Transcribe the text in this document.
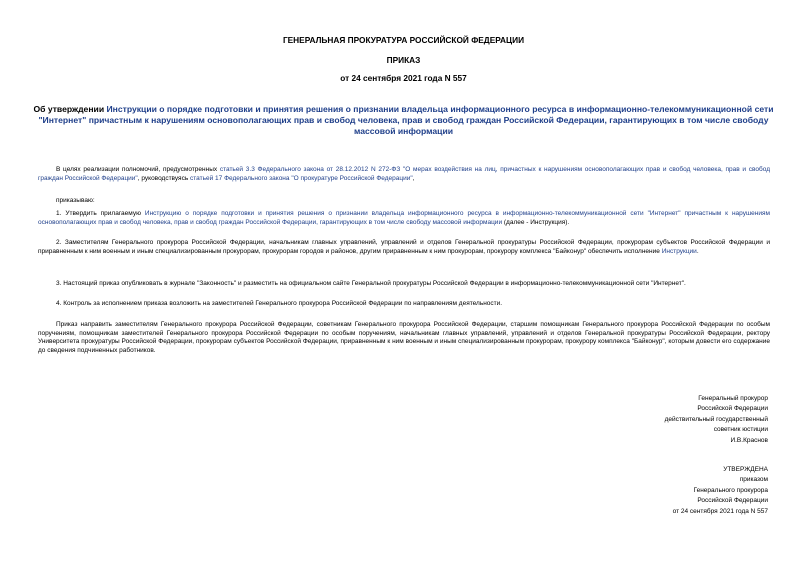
ГЕНЕРАЛЬНАЯ ПРОКУРАТУРА РОССИЙСКОЙ ФЕДЕРАЦИИ
ПРИКАЗ
от 24 сентября 2021 года N 557
Об утверждении Инструкции о порядке подготовки и принятия решения о признании владельца информационного ресурса в информационно-телекоммуникационной сети "Интернет" причастным к нарушениям основополагающих прав и свобод человека, прав и свобод граждан Российской Федерации, гарантирующих в том числе свободу массовой информации
В целях реализации полномочий, предусмотренных статьей 3.3 Федерального закона от 28.12.2012 N 272-ФЗ "О мерах воздействия на лиц, причастных к нарушениям основополагающих прав и свобод человека, прав и свобод граждан Российской Федерации", руководствуясь статьей 17 Федерального закона "О прокуратуре Российской Федерации",
приказываю:
1. Утвердить прилагаемую Инструкцию о порядке подготовки и принятия решения о признании владельца информационного ресурса в информационно-телекоммуникационной сети "Интернет" причастным к нарушениям основополагающих прав и свобод человека, прав и свобод граждан Российской Федерации, гарантирующих в том числе свободу массовой информации (далее - Инструкция).
2. Заместителям Генерального прокурора Российской Федерации, начальникам главных управлений, управлений и отделов Генеральной прокуратуры Российской Федерации, прокурорам субъектов Российской Федерации и приравненным к ним военным и иным специализированным прокурорам, прокурорам городов и районов, другим приравненным к ним прокурорам, прокурору комплекса "Байконур" обеспечить исполнение Инструкции.
3. Настоящий приказ опубликовать в журнале "Законность" и разместить на официальном сайте Генеральной прокуратуры Российской Федерации в информационно-телекоммуникационной сети "Интернет".
4. Контроль за исполнением приказа возложить на заместителей Генерального прокурора Российской Федерации по направлениям деятельности.
Приказ направить заместителям Генерального прокурора Российской Федерации, советникам Генерального прокурора Российской Федерации, старшим помощникам Генерального прокурора Российской Федерации по особым поручениям, помощникам заместителей Генерального прокурора Российской Федерации по особым поручениям, начальникам главных управлений, управлений и отделов Генеральной прокуратуры Российской Федерации, ректору Университета прокуратуры Российской Федерации, прокурорам субъектов Российской Федерации, приравненным к ним военным и иным специализированным прокурорам, прокурору комплекса "Байконур", которым довести его содержание до сведения подчиненных работников.
Генеральный прокурор
Российской Федерации
действительный государственный
советник юстиции
И.В.Краснов
УТВЕРЖДЕНА
приказом
Генерального прокурора
Российской Федерации
от 24 сентября 2021 года N 557
